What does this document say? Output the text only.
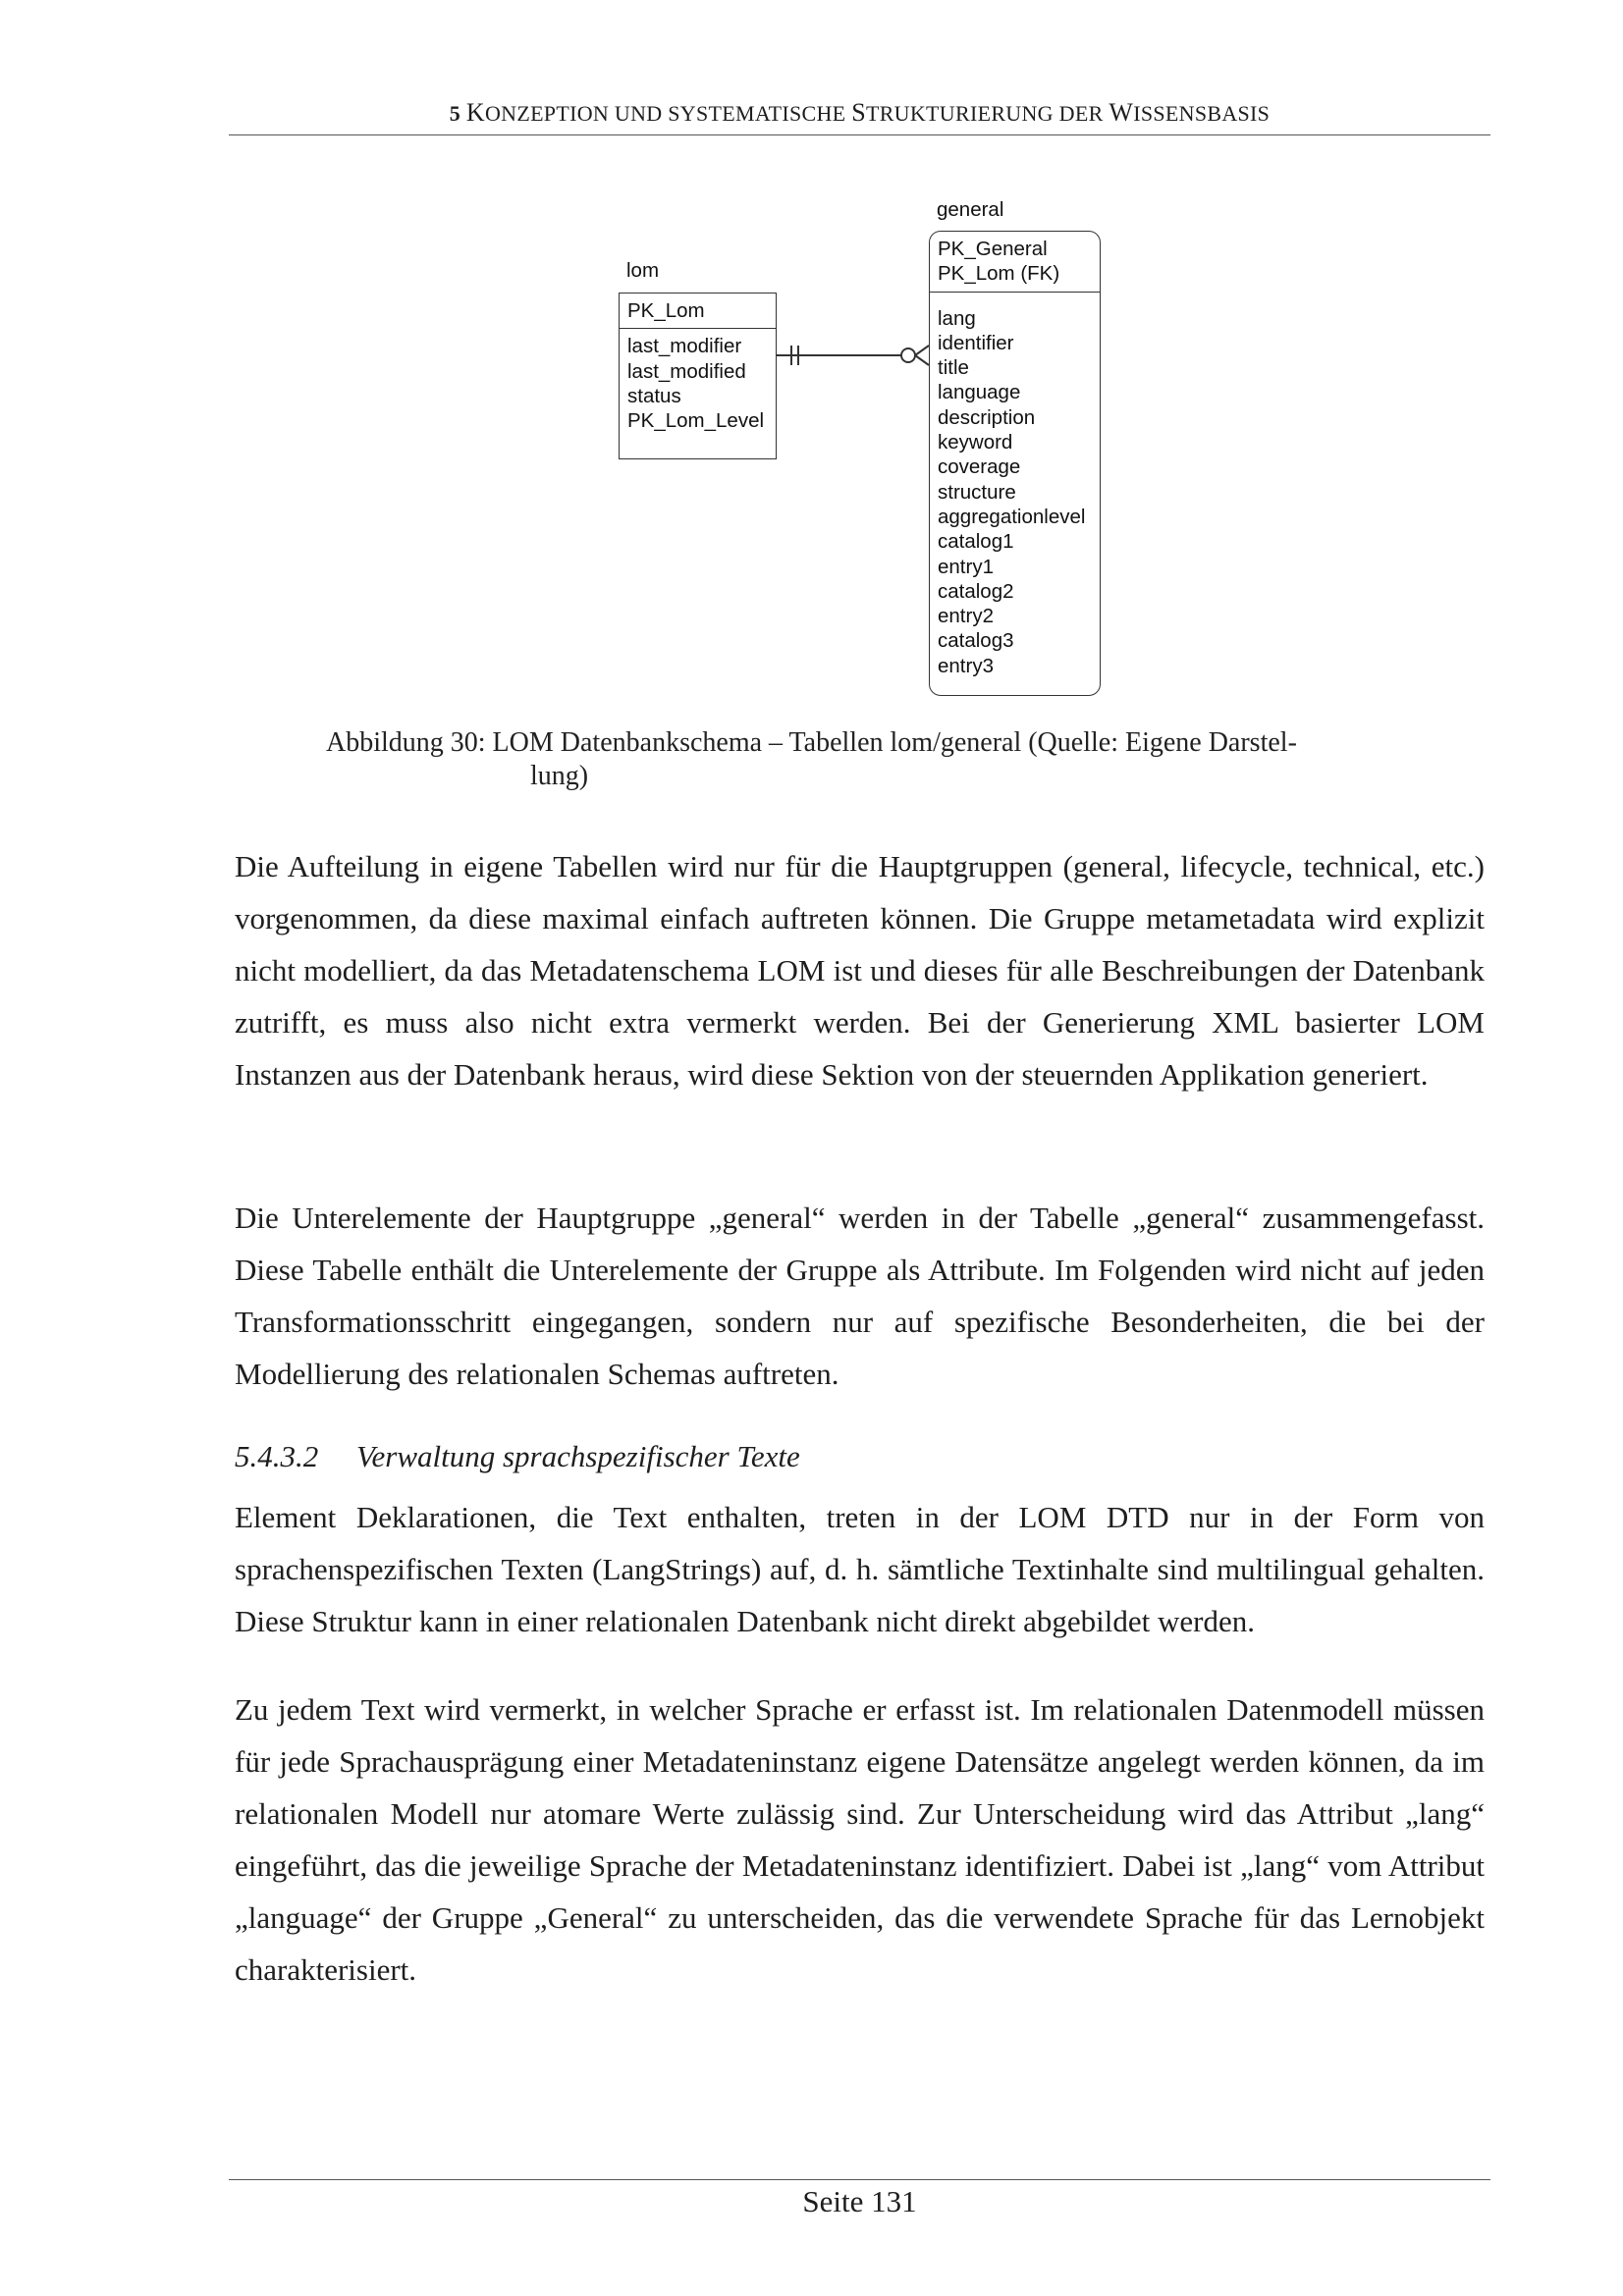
5 KONZEPTION UND SYSTEMATISCHE STRUKTURIERUNG DER WISSENSBASIS
lom
PK_Lom
last_modifier
last_modified
status
PK_Lom_Level
general
PK_General
PK_Lom (FK)
lang
identifier
title
language
description
keyword
coverage
structure
aggregationlevel
catalog1
entry1
catalog2
entry2
catalog3
entry3
Abbildung 30: LOM Datenbankschema – Tabellen lom/general (Quelle: Eigene Darstel-
lung)
Die Aufteilung in eigene Tabellen wird nur für die Hauptgruppen (general, lifecycle, technical, etc.) vorgenommen, da diese maximal einfach auftreten können. Die Gruppe metametadata wird explizit nicht modelliert, da das Metadatenschema LOM ist und dieses für alle Beschreibungen der Datenbank zutrifft, es muss also nicht extra vermerkt werden. Bei der Generierung XML basierter LOM Instanzen aus der Datenbank heraus, wird diese Sektion von der steuernden Applikation generiert.
Die Unterelemente der Hauptgruppe „general“ werden in der Tabelle „general“ zusammengefasst. Diese Tabelle enthält die Unterelemente der Gruppe als Attribute. Im Folgenden wird nicht auf jeden Transformationsschritt eingegangen, sondern nur auf spezifische Besonderheiten, die bei der Modellierung des relationalen Schemas auftreten.
5.4.3.2 Verwaltung sprachspezifischer Texte
Element Deklarationen, die Text enthalten, treten in der LOM DTD nur in der Form von sprachenspezifischen Texten (LangStrings) auf, d. h. sämtliche Textinhalte sind multilingual gehalten. Diese Struktur kann in einer relationalen Datenbank nicht direkt abgebildet werden.
Zu jedem Text wird vermerkt, in welcher Sprache er erfasst ist. Im relationalen Datenmodell müssen für jede Sprachausprägung einer Metadateninstanz eigene Datensätze angelegt werden können, da im relationalen Modell nur atomare Werte zulässig sind. Zur Unterscheidung wird das Attribut „lang“ eingeführt, das die jeweilige Sprache der Metadateninstanz identifiziert. Dabei ist „lang“ vom Attribut „language“ der Gruppe „General“ zu unterscheiden, das die verwendete Sprache für das Lernobjekt charakterisiert.
Seite 131
